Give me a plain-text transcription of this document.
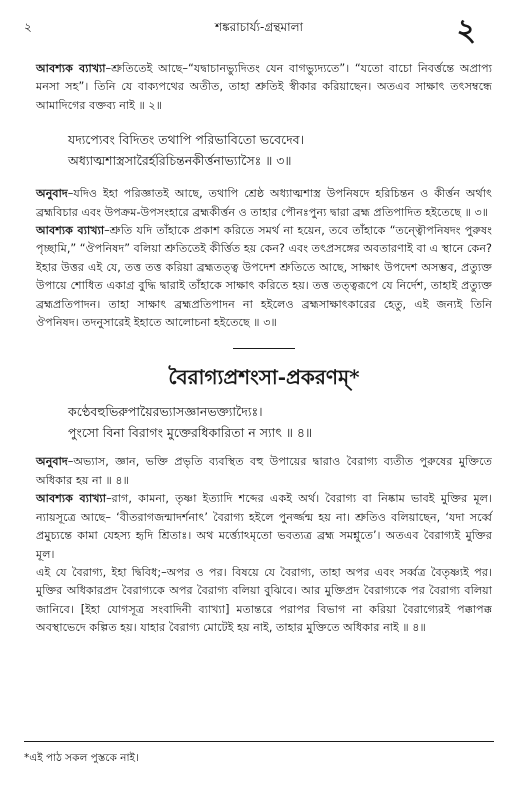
২	শঙ্করাচার্য্য-গ্রন্থমালা	২

আবশ্যক ব্যাখ্যা–শ্রুতিতেই আছে–“যদ্বাচানভ্যুদিতং যেন বাগভ্যুদ্যতে”। “যতো বাচো নিবর্ত্তন্তে অপ্রাপ্য মনসা সহ”। তিনি যে বাক্যপথের অতীত, তাহা শ্রুতিই স্বীকার করিয়াছেন। অতএব সাক্ষাৎ তৎসম্বন্ধে আমাদিগের বক্তব্য নাই ॥ ২॥

যদ্যপ্যেবং বিদিতং তথাপি পরিভাবিতো ভবেদেব।
অধ্যাত্মশাস্ত্রসারৈর্হরিচিন্তনকীর্ত্তনাভ্যাসৈঃ ॥ ৩॥

অনুবাদ–যদিও ইহা পরিজ্ঞাতই আছে, তথাপি শ্রেষ্ঠ অধ্যাত্মশাস্ত্র উপনিষদে হরিচিন্তন ও কীর্ত্তন অর্থাৎ ব্রহ্মবিচার এবং উপক্রম-উপসংহারে ব্রহ্মকীর্ত্তন ও তাহার পৌনঃপুন্য দ্বারা ব্রহ্ম প্রতিপাদিত হইতেছে ॥ ৩॥

আবশ্যক ব্যাখ্যা–শ্রুতি যদি তাঁহাকে প্রকাশ করিতে সমর্থ না হয়েন, তবে তাঁহাকে “তন্ত্বৌপনিষদং পুরুষং পৃচ্ছামি,” “ঔপনিষদ” বলিয়া শ্রুতিতেই কীর্ত্তিত হয় কেন? এবং তৎপ্রসঙ্গের অবতারণাই বা এ স্থানে কেন? ইহার উত্তর এই যে, তত্ত তত্ত করিয়া ব্রহ্মতত্ত্ব উপদেশ শ্রুতিতে আছে, সাক্ষাৎ উপদেশ অসম্ভব, প্রত্যুক্ত উপায়ে শোধিত একাগ্র বুদ্ধি দ্বারাই তাঁহাকে সাক্ষাৎ করিতে হয়। তত্ত তত্ত্বরূপে যে নির্দেশ, তাহাই প্রত্যুক্ত ব্রহ্মপ্রতিপাদন। তাহা সাক্ষাৎ ব্রহ্মপ্রতিপাদন না হইলেও ব্রহ্মসাক্ষাৎকারের হেতু, এই জন্যই তিনি ঔপনিষদ। তদনুসারেই ইহাতে আলোচনা হইতেছে ॥ ৩॥

বৈরাগ্যপ্রশংসা-প্রকরণম্*
কণ্ঠেবহুভিরুপায়ৈরভ্যাসজ্ঞানভক্ত্যাদ্যৈঃ।
পুংসো বিনা বিরাগং মুক্তেরধিকারিতা ন স্যাৎ ॥ ৪॥

অনুবাদ–অভ্যাস, জ্ঞান, ভক্তি প্রভৃতি ব্যবস্থিত বহু উপায়ের দ্বারাও বৈরাগ্য ব্যতীত পুরুষের মুক্তিতে অধিকার হয় না ॥ ৪॥

আবশ্যক ব্যাখ্যা–রাগ, কামনা, তৃষ্ণা ইত্যাদি শব্দের একই অর্থ। বৈরাগ্য বা নিষ্কাম ভাবই মুক্তির মূল। ন্যায়সূত্রে আছে– ‘বীতরাগজন্মাদর্শনাৎ’ বৈরাগ্য হইলে পুনর্জ্জন্ম হয় না। শ্রুতিও বলিয়াছেন, ‘যদা সর্ব্বে প্রমুচ্যন্তে কামা যেহস্য হৃদি শ্রিতাঃ। অথ মর্ত্ত্যোঽমৃতো ভবত্যত্র ব্রহ্ম সমশ্নুতে’। অতএব বৈরাগ্যই মুক্তির মূল।

এই যে বৈরাগ্য, ইহা দ্বিবিধ;–অপর ও পর। বিষয়ে যে বৈরাগ্য, তাহা অপর এবং সর্ব্বত্র বৈতৃষ্ণ্যই পর। মুক্তির অধিকারপ্রদ বৈরাগ্যকে অপর বৈরাগ্য বলিয়া বুঝিবে। আর মুক্তিপ্রদ বৈরাগ্যকে পর বৈরাগ্য বলিয়া জানিবে। [ইহা যোগসূত্র সংবাদিনী ব্যাখ্যা] মতান্তরে পরাপর বিভাগ না করিয়া বৈরাগ্যেরই পক্কাপক্ক অবস্থাভেদে কল্পিত হয়। যাহার বৈরাগ্য মোটেই হয় নাই, তাহার মুক্তিতে অধিকার নাই ॥ ৪॥

*এই পাঠ সকল পুস্তকে নাই।
